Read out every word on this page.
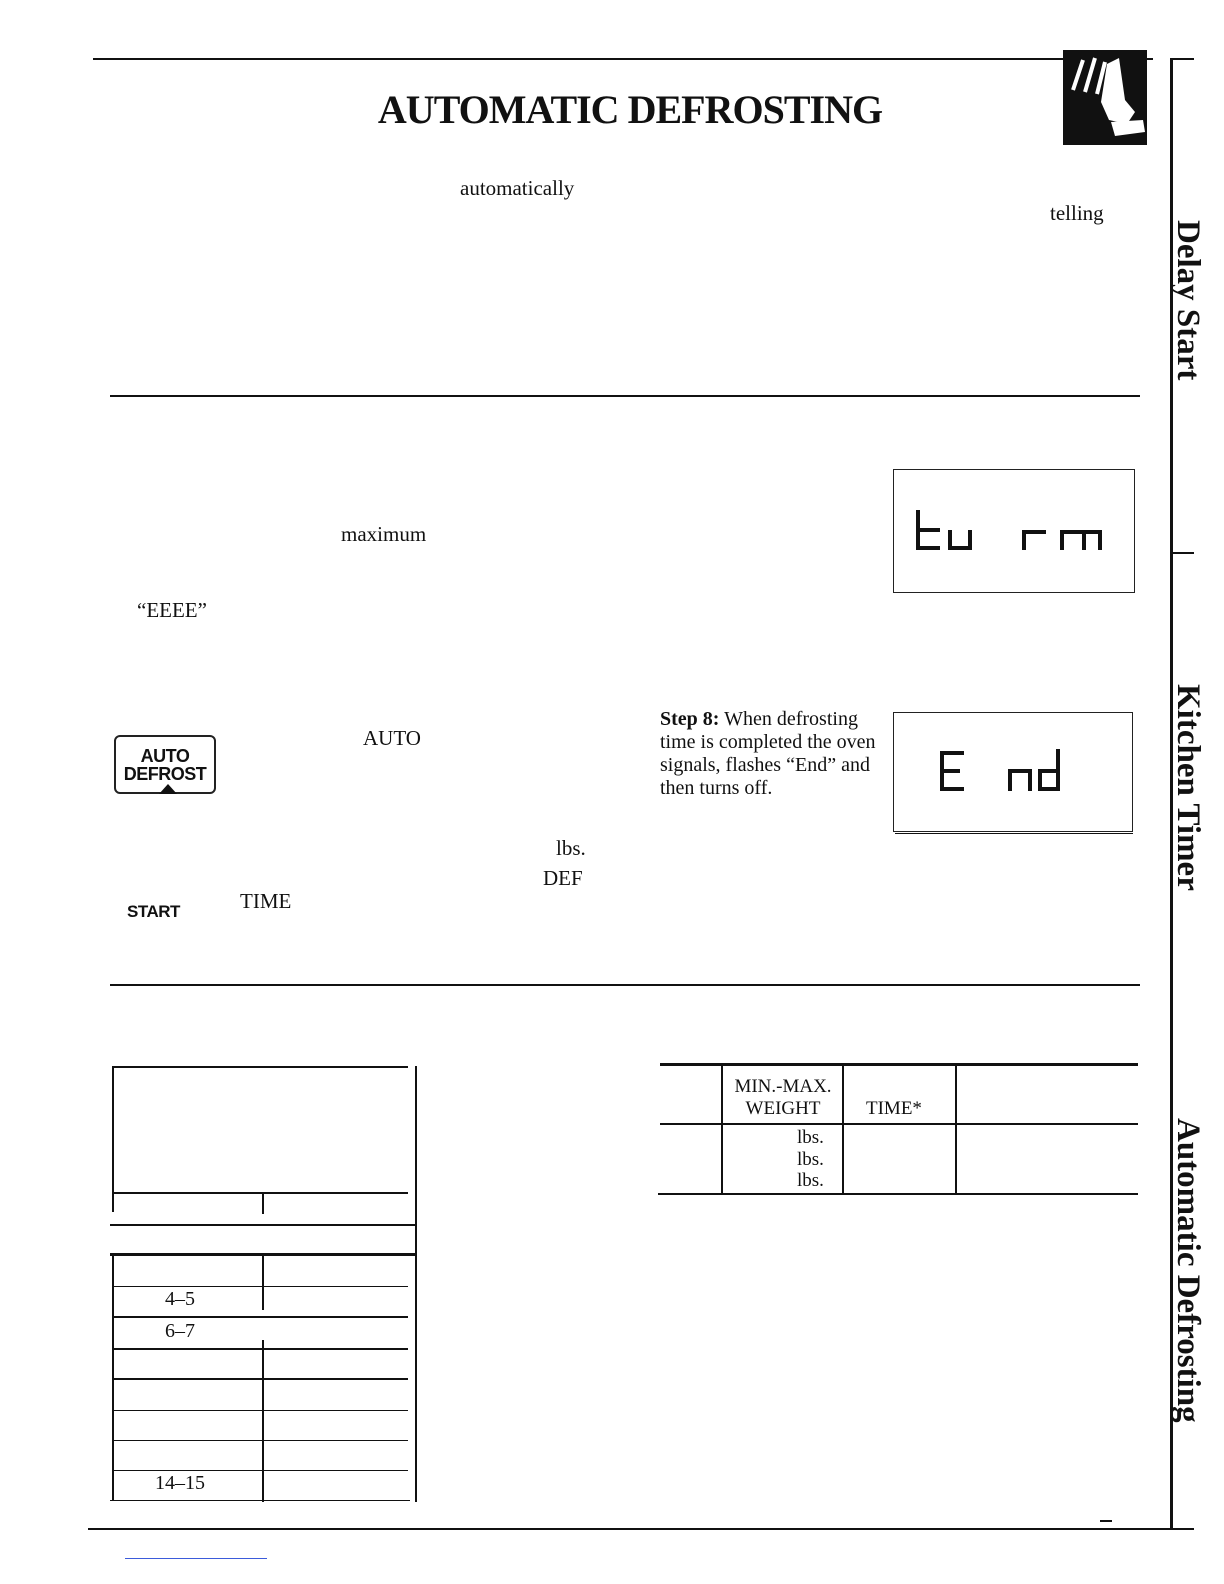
AUTOMATIC DEFROSTING
automatically
telling
Delay Start
Kitchen Timer
Automatic Defrosting
maximum
“EEEE”
AUTO
DEFROST
AUTO
Step 8: When defrosting time is completed the oven signals, flashes “End” and then turns off.
lbs.
DEF
START	TIME
4–5
6–7
14–15
MIN.-MAX. WEIGHT	TIME*
lbs.
lbs.
lbs.
